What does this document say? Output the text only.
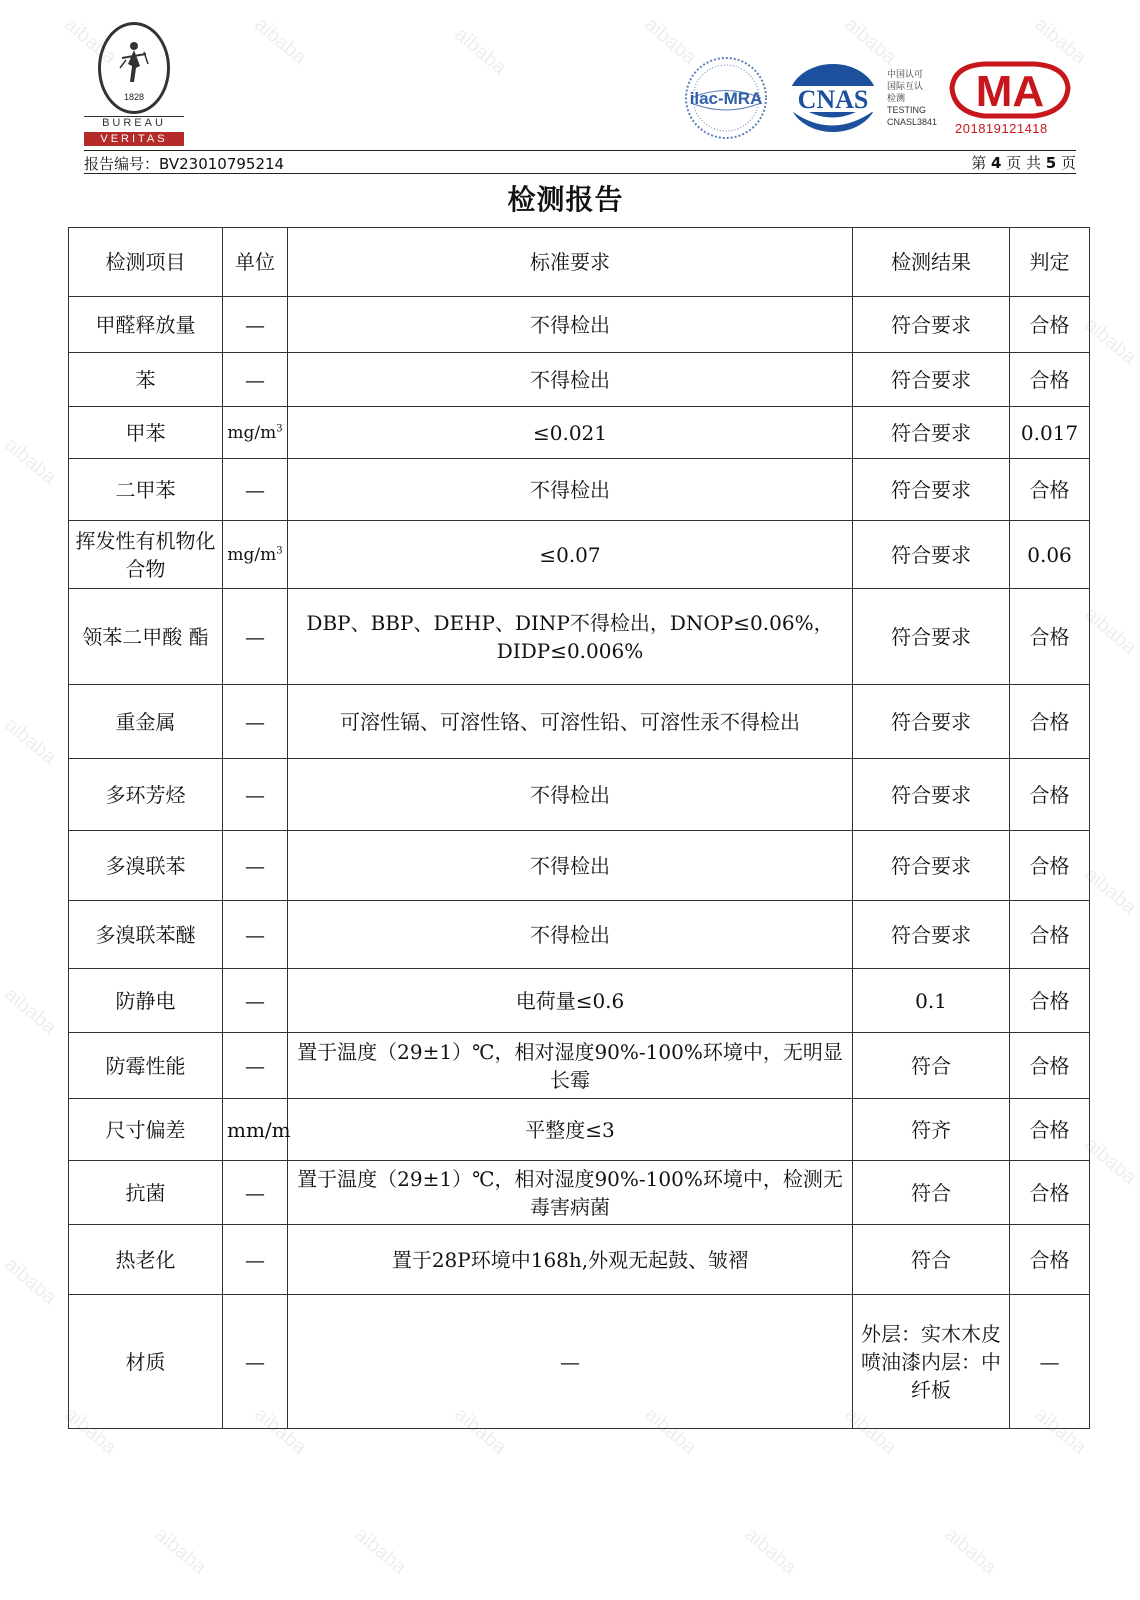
aibaba	aibaba	aibaba	aibaba	aibaba	aibaba
aibaba
aibaba
aibaba
aibaba
aibaba
aibaba
aibaba
aibaba
aibaba	aibaba	aibaba	aibaba	aibaba	aibaba
aibaba	aibaba	aibaba	aibaba
1828
BUREAU
VERITAS
ilac-MRA CNAS
中国认可
国际互认
检测
TESTING
CNASL3841
MA
201819121418
报告编号：BV23010795214	第 4 页 共 5 页
检测报告
检测项目	单位	标准要求	检测结果	判定
甲醛释放量	—	不得检出	符合要求	合格
苯	—	不得检出	符合要求	合格
甲苯	$mg/m^3$	≤0.021	符合要求	0.017
二甲苯	—	不得检出	符合要求	合格
挥发性有机物化合物	$mg/m^3$	≤0.07	符合要求	0.06
领苯二甲酸 酯	—	DBP、BBP、DEHP、DINP不得检出，DNOP≤0.06%，DIDP≤0.006%	符合要求	合格
重金属	—	可溶性镉、可溶性铬、可溶性铅、可溶性汞不得检出	符合要求	合格
多环芳烃	—	不得检出	符合要求	合格
多溴联苯	—	不得检出	符合要求	合格
多溴联苯醚	—	不得检出	符合要求	合格
防静电	—	电荷量≤0.6	0.1	合格
防霉性能	—	置于温度（29±1）℃，相对湿度90%-100%环境中，无明显长霉	符合	合格
尺寸偏差	mm/m	平整度≤3	符齐	合格
抗菌	—	置于温度（29±1）℃，相对湿度90%-100%环境中，检测无毒害病菌	符合	合格
热老化	—	置于28P环境中168h,外观无起鼓、皱褶	符合	合格
材质	—	—	外层：实木木皮喷油漆内层：中纤板	—
